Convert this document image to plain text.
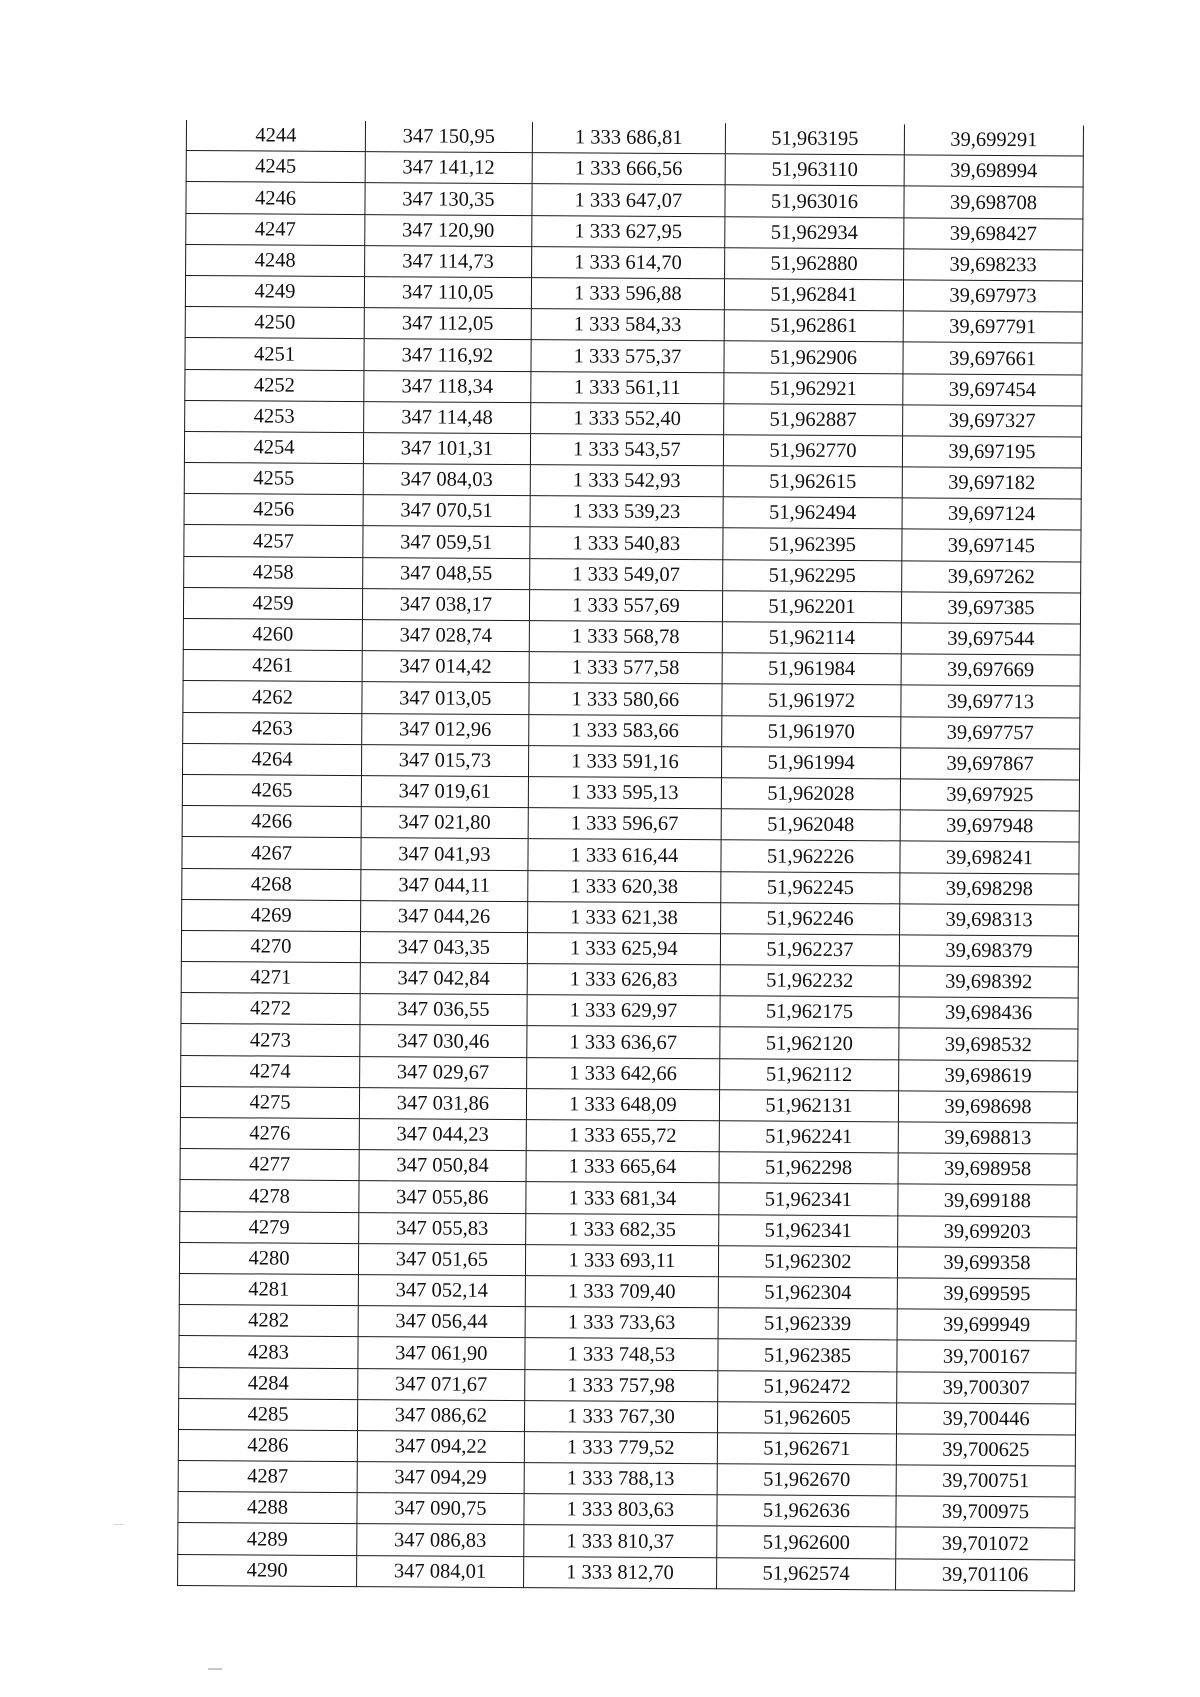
4244	347 150,95	1 333 686,81	51,963195	39,699291
4245	347 141,12	1 333 666,56	51,963110	39,698994
4246	347 130,35	1 333 647,07	51,963016	39,698708
4247	347 120,90	1 333 627,95	51,962934	39,698427
4248	347 114,73	1 333 614,70	51,962880	39,698233
4249	347 110,05	1 333 596,88	51,962841	39,697973
4250	347 112,05	1 333 584,33	51,962861	39,697791
4251	347 116,92	1 333 575,37	51,962906	39,697661
4252	347 118,34	1 333 561,11	51,962921	39,697454
4253	347 114,48	1 333 552,40	51,962887	39,697327
4254	347 101,31	1 333 543,57	51,962770	39,697195
4255	347 084,03	1 333 542,93	51,962615	39,697182
4256	347 070,51	1 333 539,23	51,962494	39,697124
4257	347 059,51	1 333 540,83	51,962395	39,697145
4258	347 048,55	1 333 549,07	51,962295	39,697262
4259	347 038,17	1 333 557,69	51,962201	39,697385
4260	347 028,74	1 333 568,78	51,962114	39,697544
4261	347 014,42	1 333 577,58	51,961984	39,697669
4262	347 013,05	1 333 580,66	51,961972	39,697713
4263	347 012,96	1 333 583,66	51,961970	39,697757
4264	347 015,73	1 333 591,16	51,961994	39,697867
4265	347 019,61	1 333 595,13	51,962028	39,697925
4266	347 021,80	1 333 596,67	51,962048	39,697948
4267	347 041,93	1 333 616,44	51,962226	39,698241
4268	347 044,11	1 333 620,38	51,962245	39,698298
4269	347 044,26	1 333 621,38	51,962246	39,698313
4270	347 043,35	1 333 625,94	51,962237	39,698379
4271	347 042,84	1 333 626,83	51,962232	39,698392
4272	347 036,55	1 333 629,97	51,962175	39,698436
4273	347 030,46	1 333 636,67	51,962120	39,698532
4274	347 029,67	1 333 642,66	51,962112	39,698619
4275	347 031,86	1 333 648,09	51,962131	39,698698
4276	347 044,23	1 333 655,72	51,962241	39,698813
4277	347 050,84	1 333 665,64	51,962298	39,698958
4278	347 055,86	1 333 681,34	51,962341	39,699188
4279	347 055,83	1 333 682,35	51,962341	39,699203
4280	347 051,65	1 333 693,11	51,962302	39,699358
4281	347 052,14	1 333 709,40	51,962304	39,699595
4282	347 056,44	1 333 733,63	51,962339	39,699949
4283	347 061,90	1 333 748,53	51,962385	39,700167
4284	347 071,67	1 333 757,98	51,962472	39,700307
4285	347 086,62	1 333 767,30	51,962605	39,700446
4286	347 094,22	1 333 779,52	51,962671	39,700625
4287	347 094,29	1 333 788,13	51,962670	39,700751
4288	347 090,75	1 333 803,63	51,962636	39,700975
4289	347 086,83	1 333 810,37	51,962600	39,701072
4290	347 084,01	1 333 812,70	51,962574	39,701106
